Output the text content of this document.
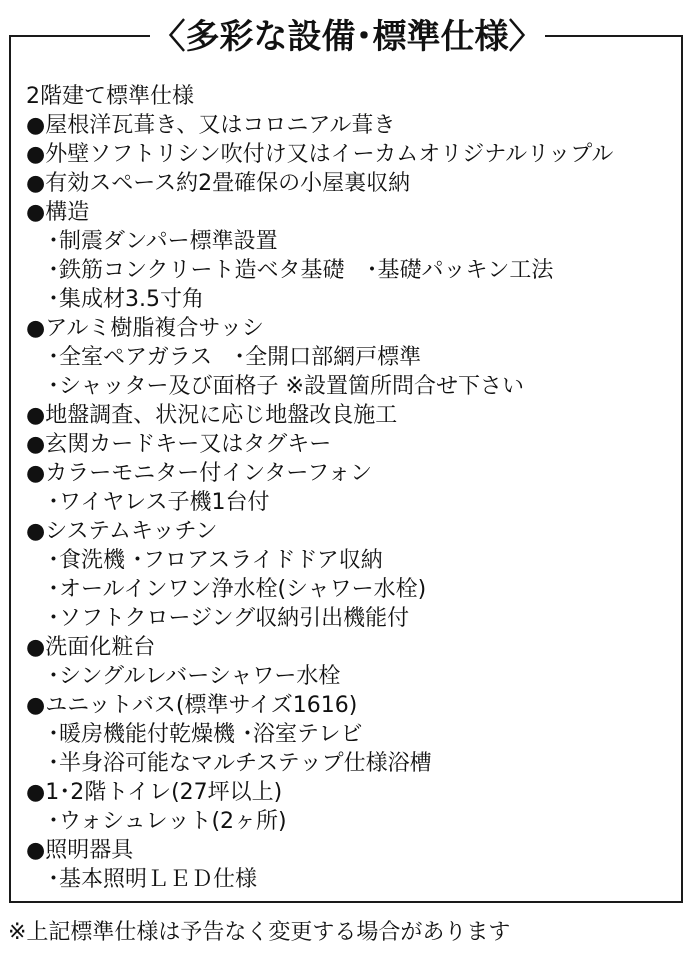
〈多彩な設備･標準仕様〉
2階建て標準仕様
●屋根洋瓦葺き、又はコロニアル葺き
●外壁ソフトリシン吹付け又はイーカムオリジナルリップル
●有効スペース約2畳確保の小屋裏収納
●構造
･制震ダンパー標準設置
･鉄筋コンクリート造ベタ基礎　･基礎パッキン工法
･集成材3.5寸角
●アルミ樹脂複合サッシ
･全室ペアガラス　･全開口部網戸標準
･シャッター及び面格子 ※設置箇所問合せ下さい
●地盤調査、状況に応じ地盤改良施工
●玄関カードキー又はタグキー
●カラーモニター付インターフォン
･ワイヤレス子機1台付
●システムキッチン
･食洗機 ･フロアスライドドア収納
･オールインワン浄水栓(シャワー水栓)
･ソフトクロージング収納引出機能付
●洗面化粧台
･シングルレバーシャワー水栓
●ユニットバス(標準サイズ1616)
･暖房機能付乾燥機 ･浴室テレビ
･半身浴可能なマルチステップ仕様浴槽
●1･2階トイレ(27坪以上)
･ウォシュレット(2ヶ所)
●照明器具
･基本照明ＬＥＤ仕様
※上記標準仕様は予告なく変更する場合があります
